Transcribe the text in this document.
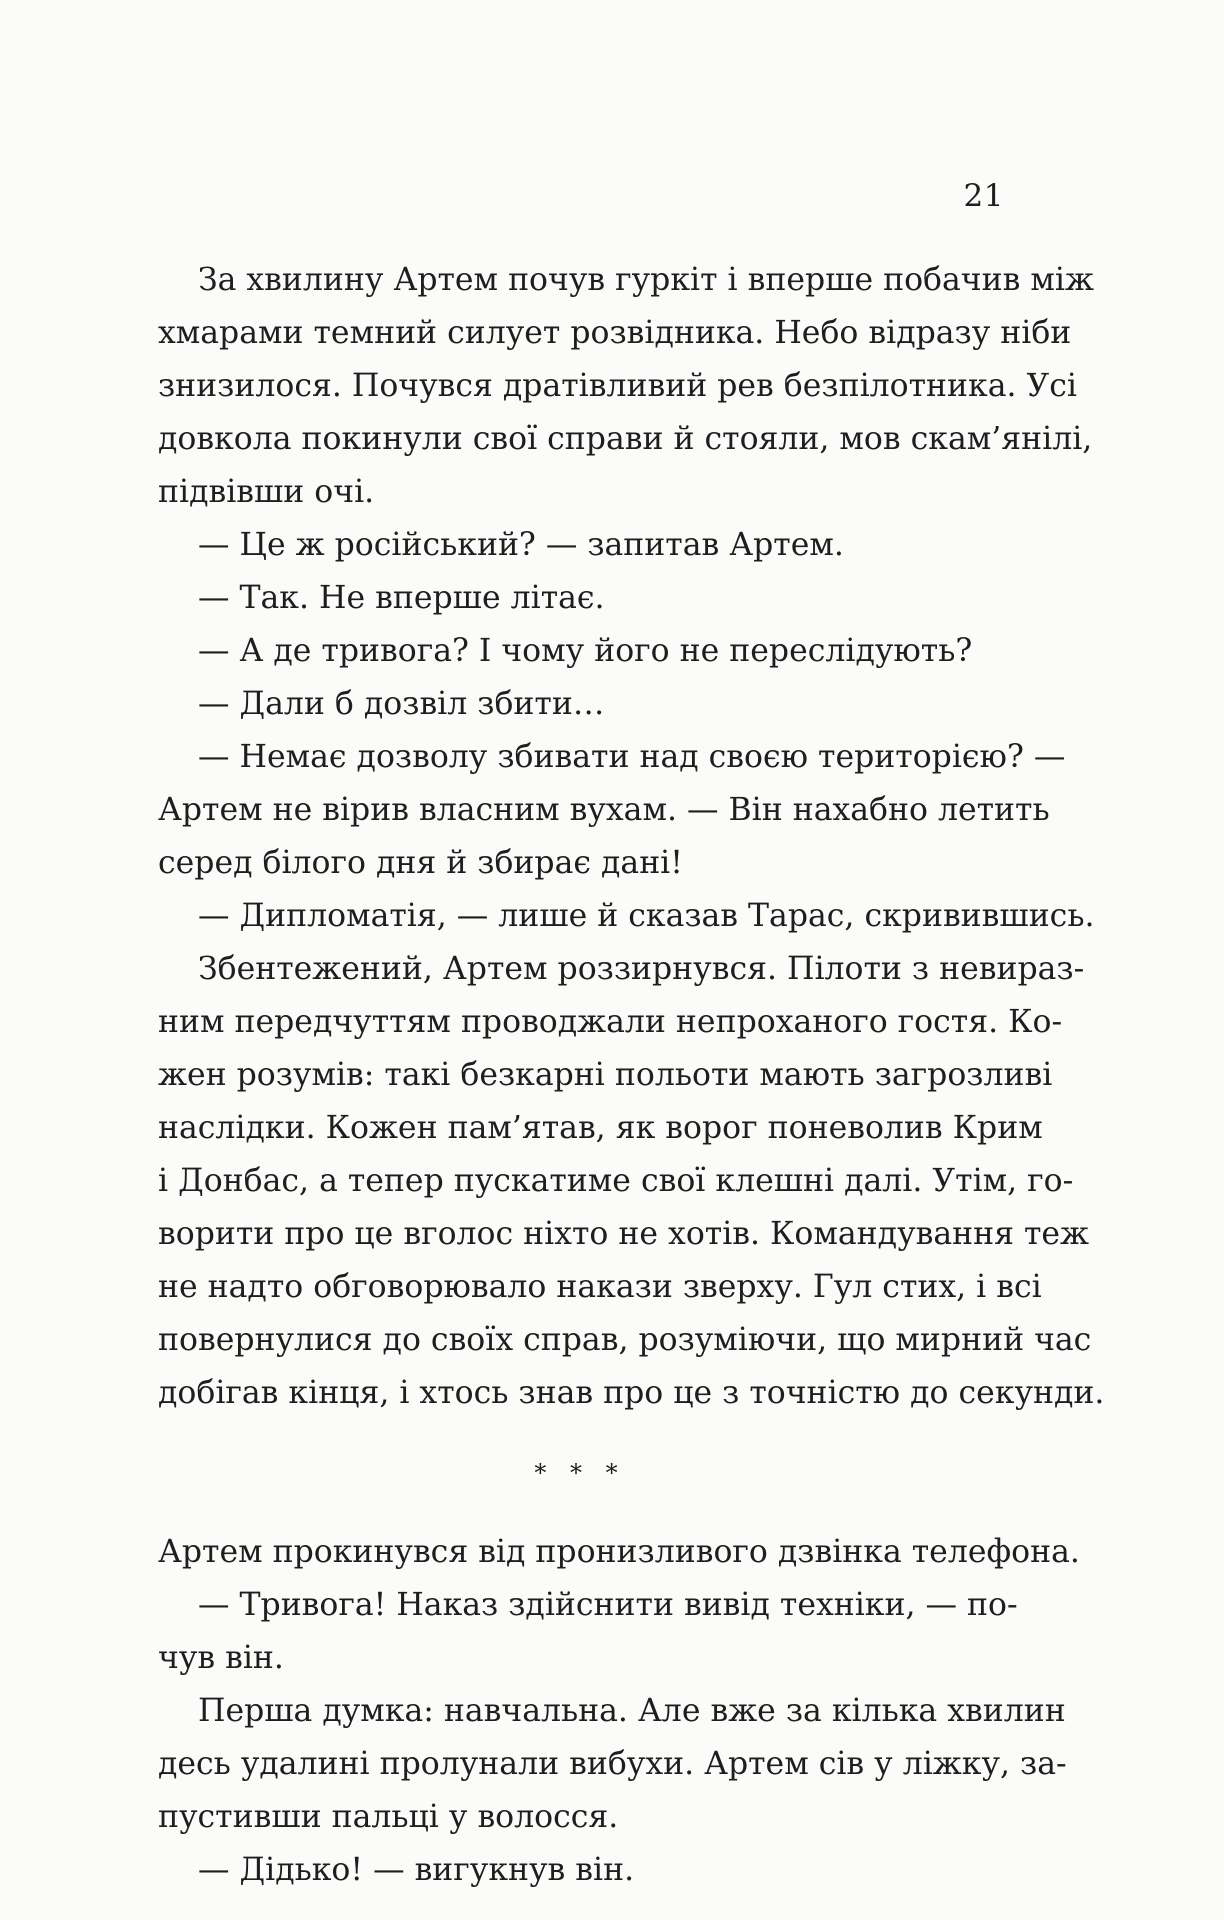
21
За хвилину Артем почув гуркіт і вперше побачив між
хмарами темний силует розвідника. Небо відразу ніби
знизилося. Почувся дратівливий рев безпілотника. Усі
довкола покинули свої справи й стояли, мов скам’янілі,
підвівши очі.
— Це ж російський? — запитав Артем.
— Так. Не вперше літає.
— А де тривога? І чому його не переслідують?
— Дали б дозвіл збити…
— Немає дозволу збивати над своєю територією? —
Артем не вірив власним вухам. — Він нахабно летить
серед білого дня й збирає дані!
— Дипломатія, — лише й сказав Тарас, скривившись.
Збентежений, Артем роззирнувся. Пілоти з невираз-
ним передчуттям проводжали непроханого гостя. Ко-
жен розумів: такі безкарні польоти мають загрозливі
наслідки. Кожен пам’ятав, як ворог поневолив Крим
і Донбас, а тепер пускатиме свої клешні далі. Утім, го-
ворити про це вголос ніхто не хотів. Командування теж
не надто обговорювало накази зверху. Гул стих, і всі
повернулися до своїх справ, розуміючи, що мирний час
добігав кінця, і хтось знав про це з точністю до секунди.
* * *
Артем прокинувся від пронизливого дзвінка телефона.
— Тривога! Наказ здійснити вивід техніки, — по-
чув він.
Перша думка: навчальна. Але вже за кілька хвилин
десь удалині пролунали вибухи. Артем сів у ліжку, за-
пустивши пальці у волосся.
— Дідько! — вигукнув він.
